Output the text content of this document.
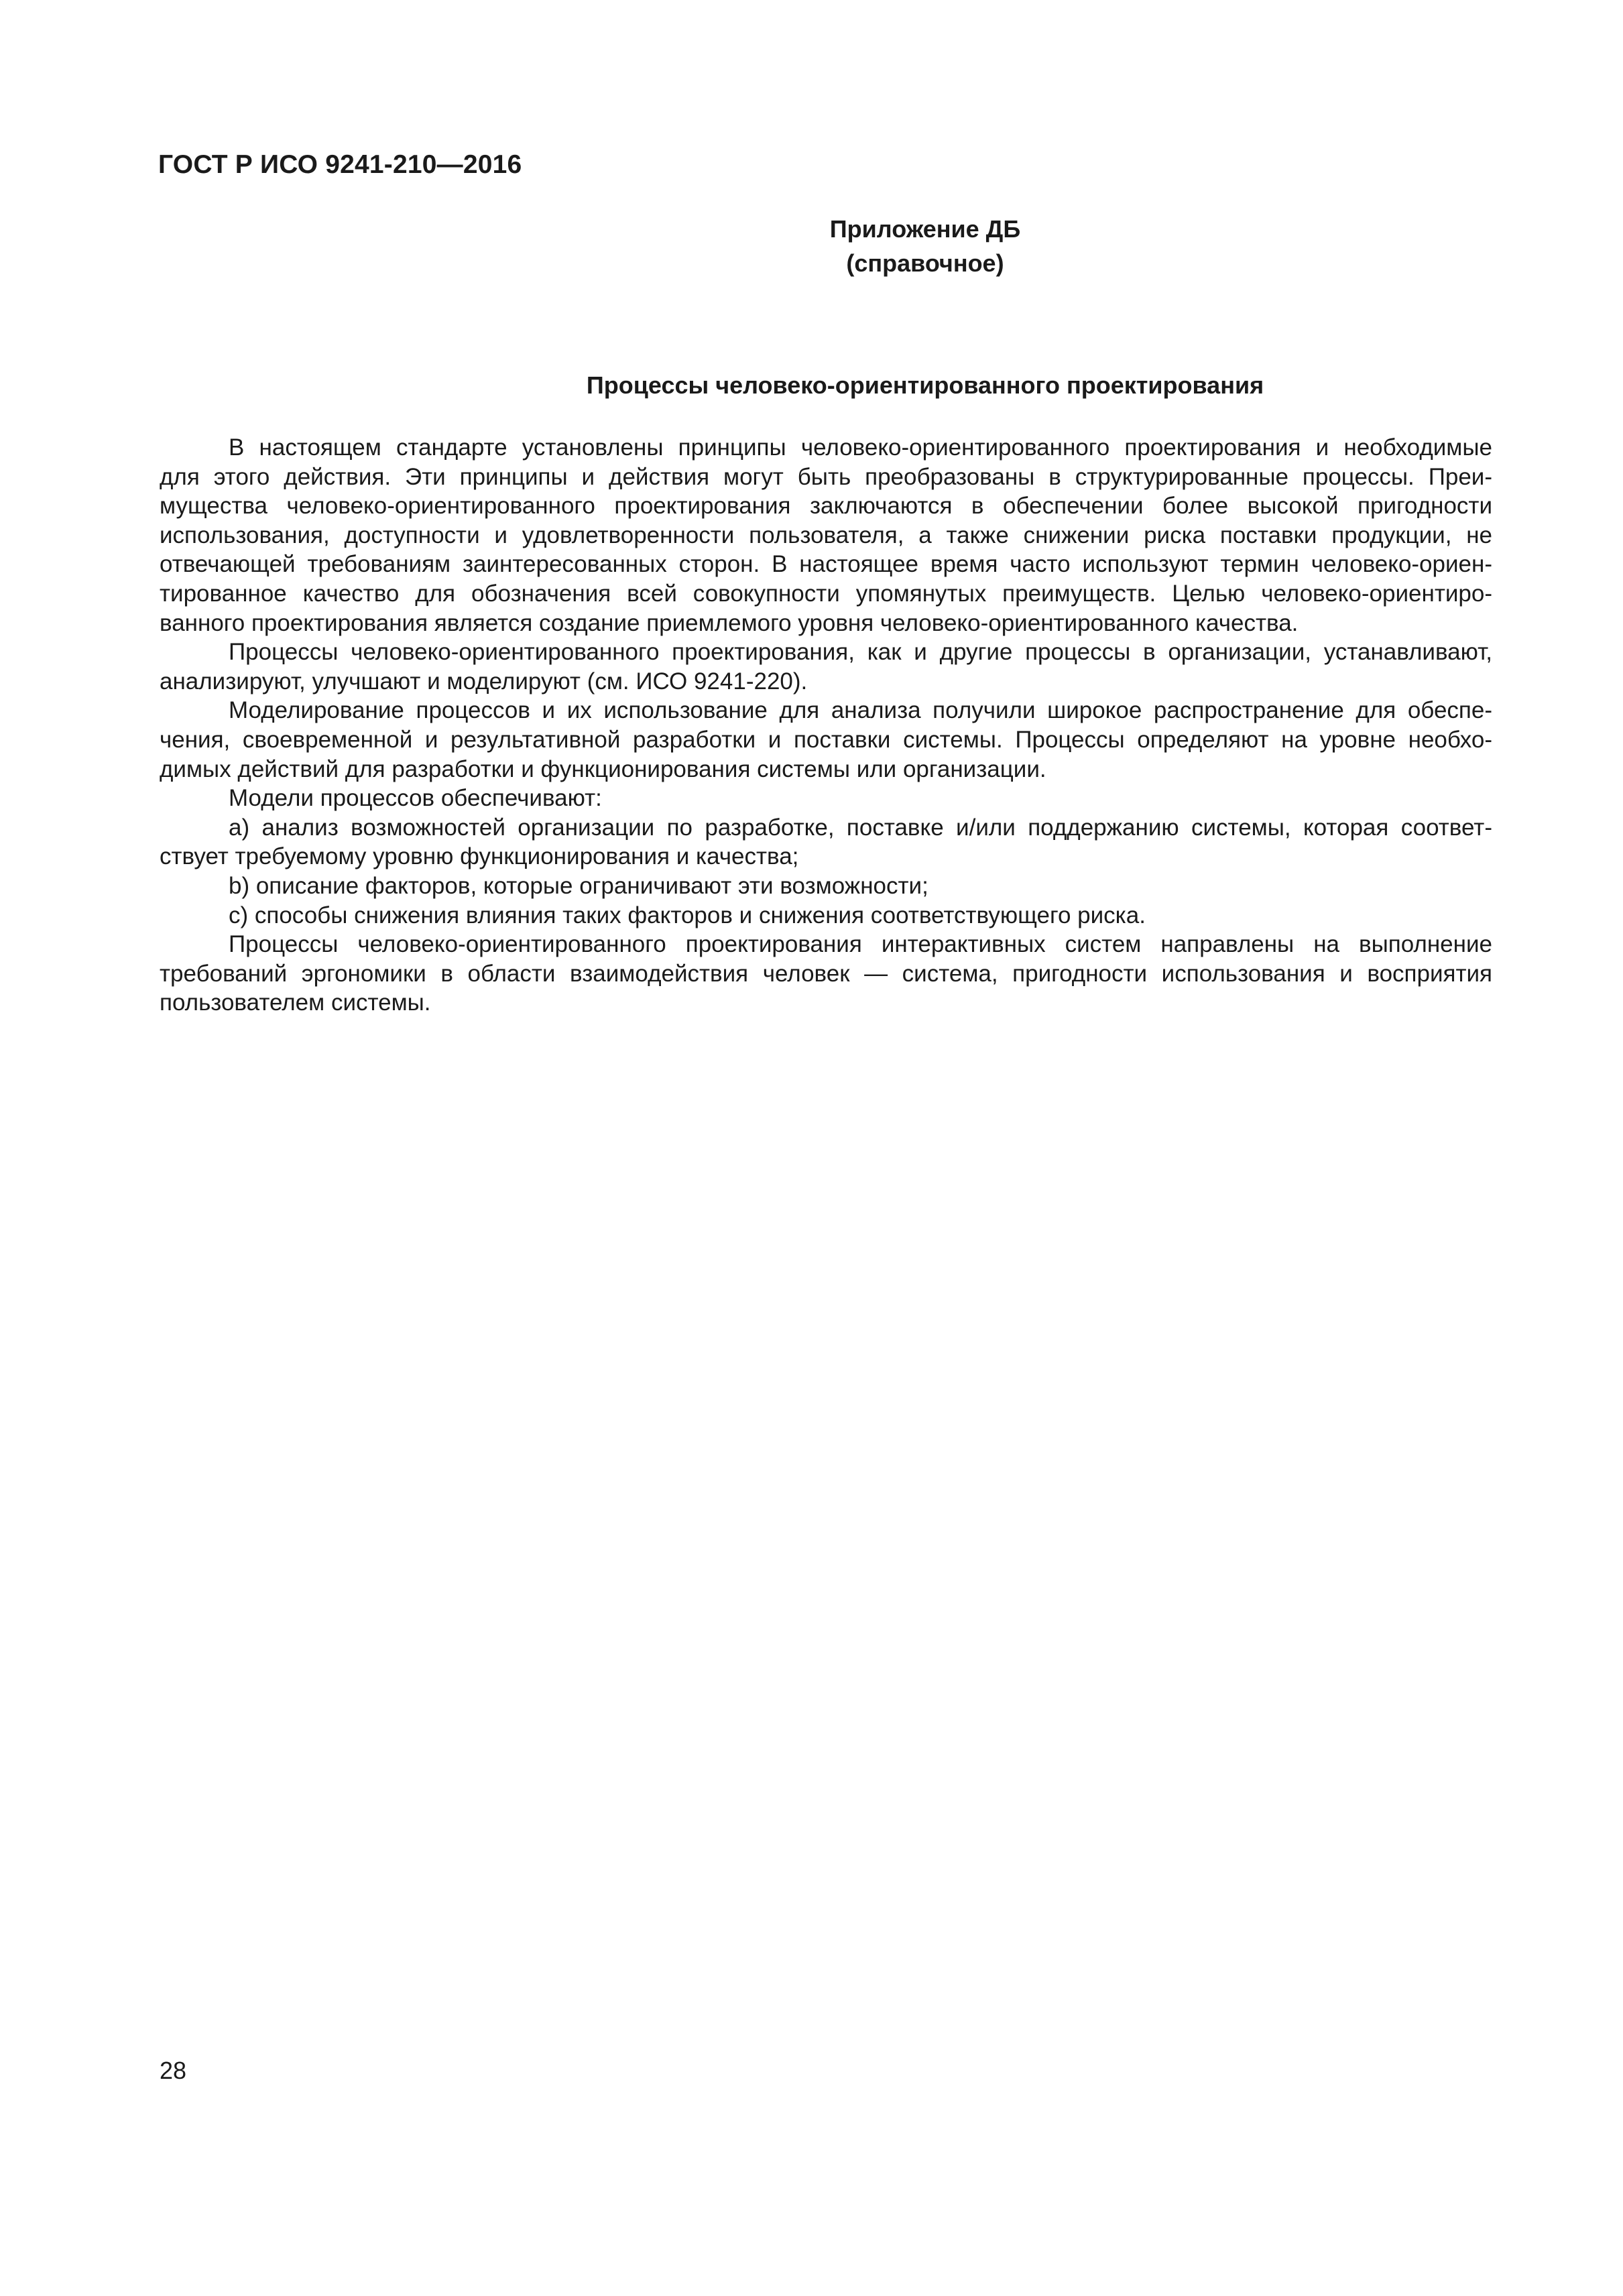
ГОСТ Р ИСО 9241-210—2016
Приложение ДБ
(справочное)
Процессы человеко-ориентированного проектирования
В настоящем стандарте установлены принципы человеко-ориентированного проектирования и необходимые
для этого действия. Эти принципы и действия могут быть преобразованы в структурированные процессы. Преи-
мущества человеко-ориентированного проектирования заключаются в обеспечении более высокой пригодности
использования, доступности и удовлетворенности пользователя, а также снижении риска поставки продукции, не
отвечающей требованиям заинтересованных сторон. В настоящее время часто используют термин человеко-ориен-
тированное качество для обозначения всей совокупности упомянутых преимуществ. Целью человеко-ориентиро-
ванного проектирования является создание приемлемого уровня человеко-ориентированного качества.
Процессы человеко-ориентированного проектирования, как и другие процессы в организации, устанавливают,
анализируют, улучшают и моделируют (см. ИСО 9241-220).
Моделирование процессов и их использование для анализа получили широкое распространение для обеспе-
чения, своевременной и результативной разработки и поставки системы. Процессы определяют на уровне необхо-
димых действий для разработки и функционирования системы или организации.
Модели процессов обеспечивают:
a) анализ возможностей организации по разработке, поставке и/или поддержанию системы, которая соответ-
ствует требуемому уровню функционирования и качества;
b) описание факторов, которые ограничивают эти возможности;
c) способы снижения влияния таких факторов и снижения соответствующего риска.
Процессы человеко-ориентированного проектирования интерактивных систем направлены на выполнение
требований эргономики в области взаимодействия человек — система, пригодности использования и восприятия
пользователем системы.
28
